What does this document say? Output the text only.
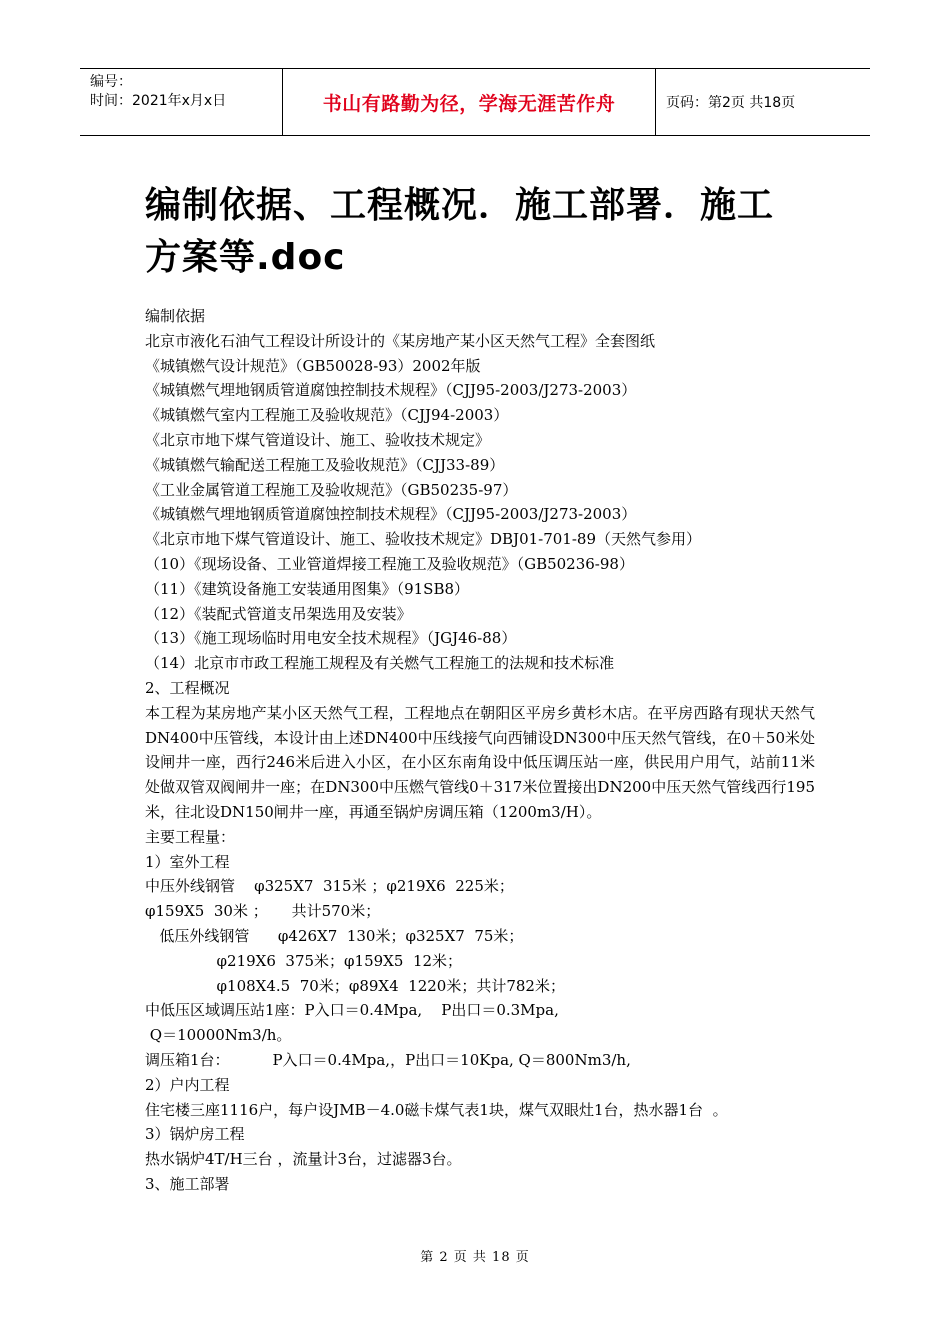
编号：
时间：2021年x月x日	书山有路勤为径，学海无涯苦作舟	页码：第2页 共18页
编制依据、工程概况．施工部署．施工
方案等.doc

编制依据

北京市液化石油气工程设计所设计的《某房地产某小区天然气工程》全套图纸

《城镇燃气设计规范》（GB50028-93）2002年版

《城镇燃气埋地钢质管道腐蚀控制技术规程》（CJJ95-2003/J273-2003）

《城镇燃气室内工程施工及验收规范》（CJJ94-2003）

《北京市地下煤气管道设计、施工、验收技术规定》

《城镇燃气输配送工程施工及验收规范》（CJJ33-89）

《工业金属管道工程施工及验收规范》（GB50235-97）

《城镇燃气埋地钢质管道腐蚀控制技术规程》（CJJ95-2003/J273-2003）

《北京市地下煤气管道设计、施工、验收技术规定》DBJ01-701-89（天然气参用）

（10）《现场设备、工业管道焊接工程施工及验收规范》（GB50236-98）

（11）《建筑设备施工安装通用图集》（91SB8）

（12）《装配式管道支吊架选用及安装》

（13）《施工现场临时用电安全技术规程》（JGJ46-88）

（14）北京市市政工程施工规程及有关燃气工程施工的法规和技术标准

2、工程概况

本工程为某房地产某小区天然气工程，工程地点在朝阳区平房乡黄杉木店。在平房西路有现状天然气DN400中压管线，本设计由上述DN400中压线接气向西铺设DN300中压天然气管线，在0＋50米处设闸井一座，西行246米后进入小区，在小区东南角设中低压调压站一座，供民用户用气，站前11米处做双管双阀闸井一座；在DN300中压燃气管线0＋317米位置接出DN200中压天然气管线西行195米，往北设DN150闸井一座，再通至锅炉房调压箱（1200m3/H）。

主要工程量：

1）室外工程

中压外线钢管    φ325X7  315米 ；φ219X6  225米；

φ159X5  30米 ；     共计570米；

低压外线钢管      φ426X7  130米；φ325X7  75米；

φ219X6  375米；φ159X5  12米；

φ108X4.5  70米；φ89X4  1220米；共计782米；

中低压区域调压站1座：P入口＝0.4Mpa,    P出口＝0.3Mpa,

Q＝10000Nm3/h。

调压箱1台：         P入口＝0.4Mpa,，P出口＝10Kpa, Q＝800Nm3/h,

2）户内工程

住宅楼三座1116户，每户设JMB－4.0磁卡煤气表1块，煤气双眼灶1台，热水器1台  。

3）锅炉房工程

热水锅炉4T/H三台 ，流量计3台，过滤器3台。

3、施工部署

第 2 页 共 18 页
